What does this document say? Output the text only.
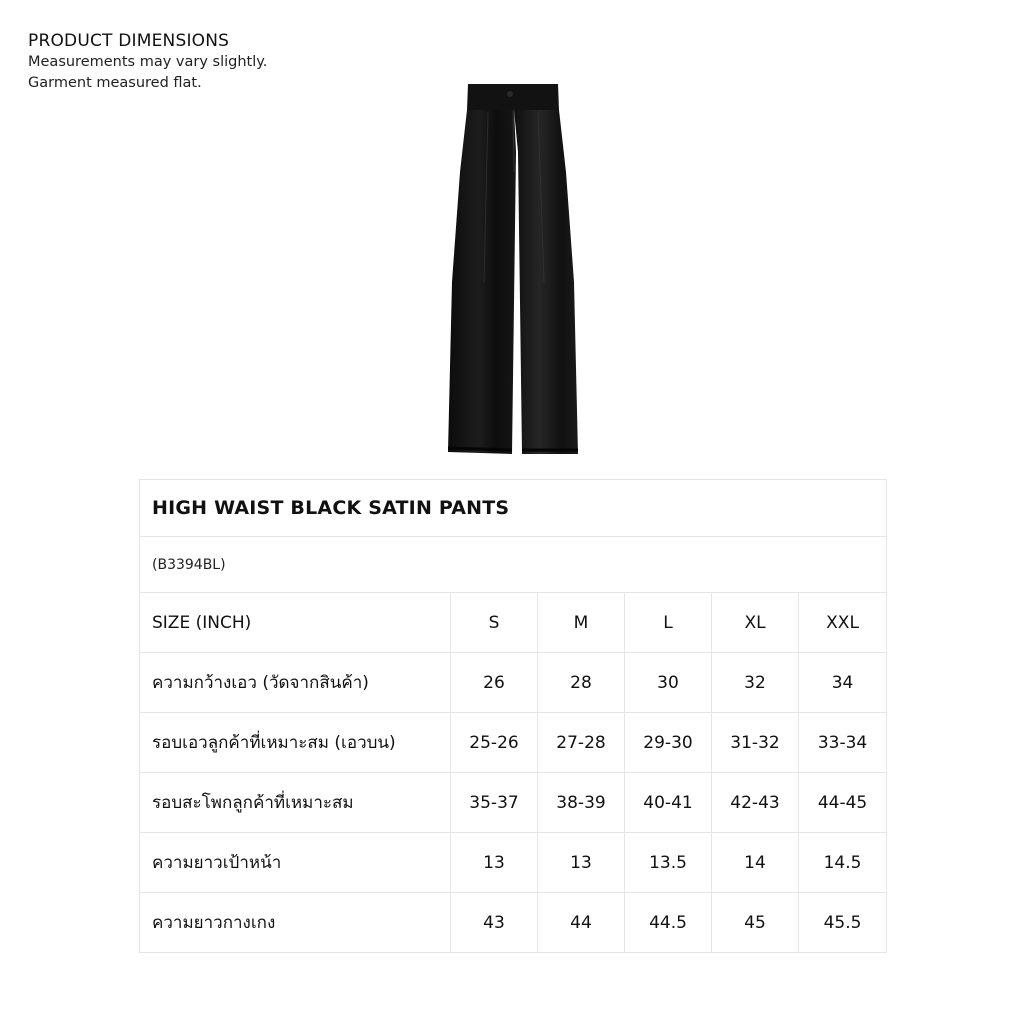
PRODUCT DIMENSIONS
Measurements may vary slightly.
Garment measured flat.
HIGH WAIST BLACK SATIN PANTS					
(B3394BL)					
SIZE (INCH)	S	M	L	XL	XXL
ความกว้างเอว (วัดจากสินค้า)	26	28	30	32	34
รอบเอวลูกค้าที่เหมาะสม (เอวบน)	25-26	27-28	29-30	31-32	33-34
รอบสะโพกลูกค้าที่เหมาะสม	35-37	38-39	40-41	42-43	44-45
ความยาวเป้าหน้า	13	13	13.5	14	14.5
ความยาวกางเกง	43	44	44.5	45	45.5
